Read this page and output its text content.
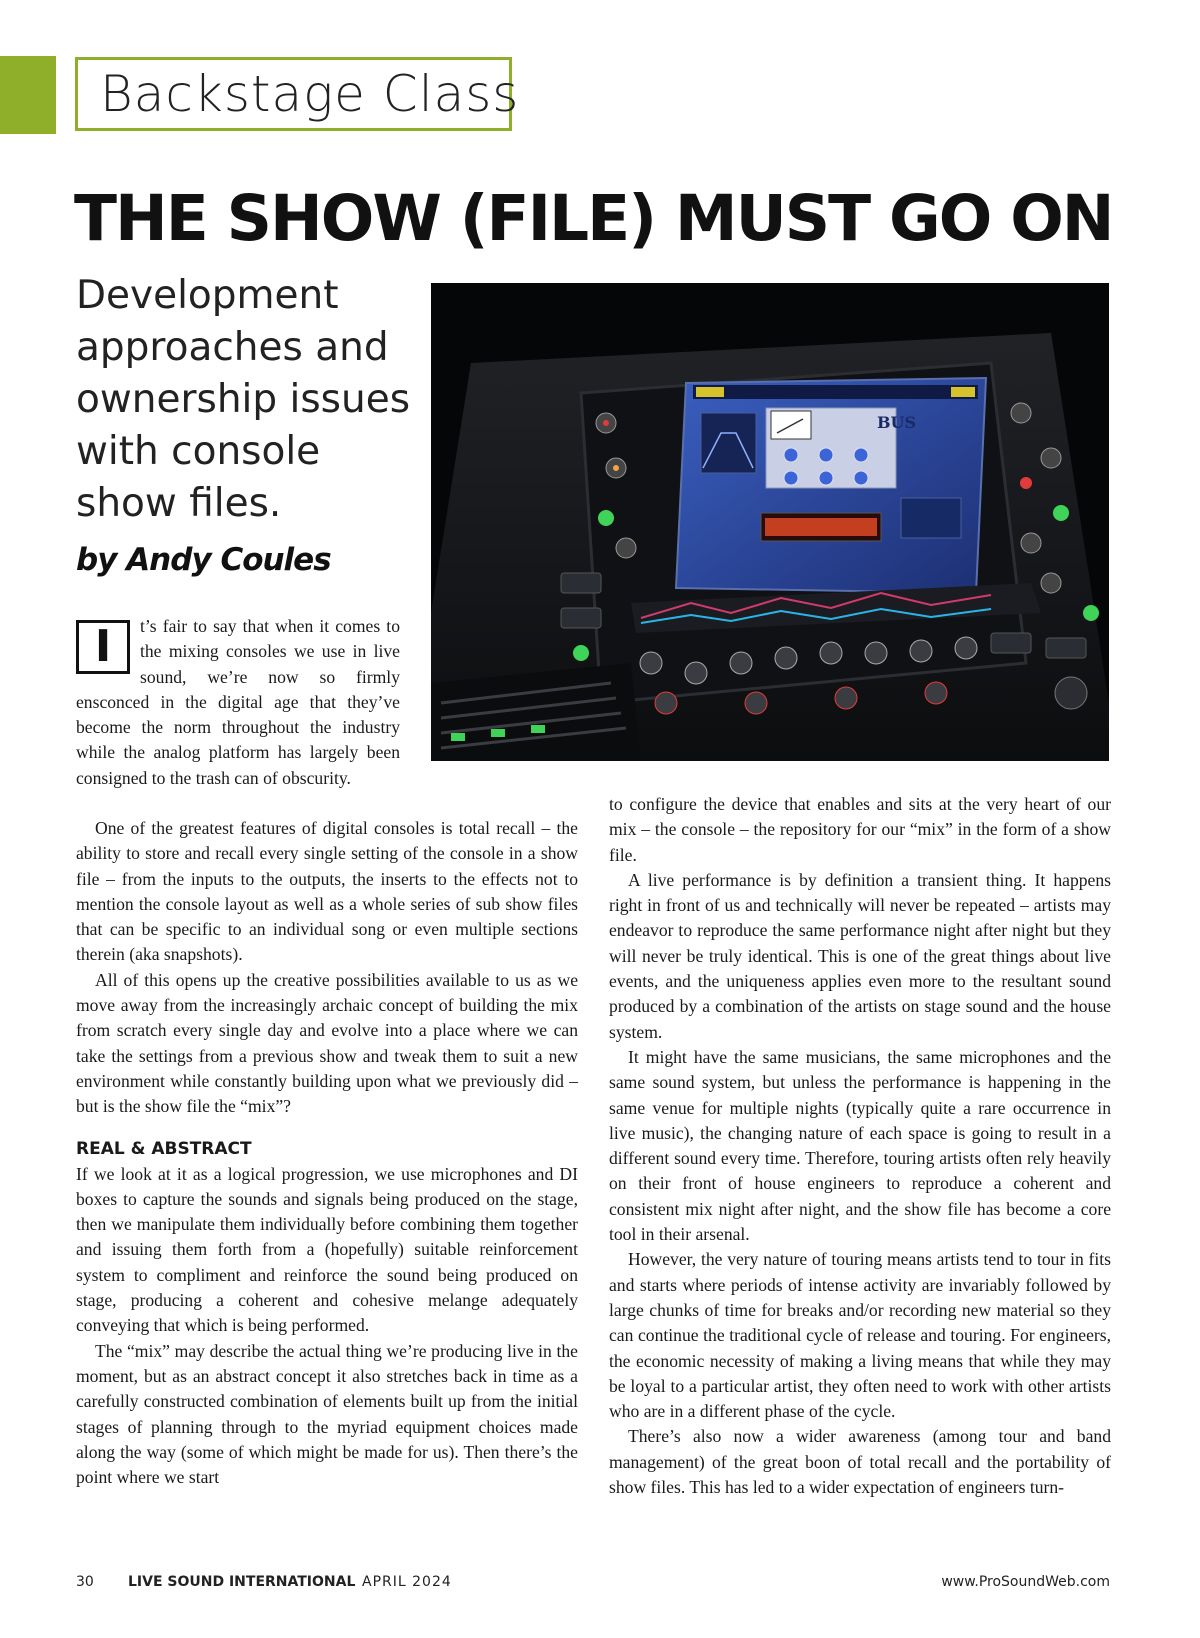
Backstage Class
THE SHOW (FILE) MUST GO ON
Development approaches and ownership issues with console show files.
by Andy Coules
BUS
I	t’s fair to say that when it comes to the mixing consoles we use in live sound, we’re now so firmly ensconced in the digital age that they’ve become the norm throughout the industry while the analog platform has largely been consigned to the trash can of obscurity.

One of the greatest features of digital consoles is total recall – the ability to store and recall every single setting of the console in a show file – from the inputs to the outputs, the inserts to the effects not to mention the console layout as well as a whole series of sub show files that can be specific to an individual song or even multiple sections therein (aka snapshots).

All of this opens up the creative possibilities available to us as we move away from the increasingly archaic concept of building the mix from scratch every single day and evolve into a place where we can take the settings from a previous show and tweak them to suit a new environment while constantly building upon what we previously did – but is the show file the “mix”?

REAL & ABSTRACT

If we look at it as a logical progression, we use microphones and DI boxes to capture the sounds and signals being produced on the stage, then we manipulate them individually before combining them together and issuing them forth from a (hopefully) suitable reinforcement system to compliment and reinforce the sound being produced on stage, producing a coherent and cohesive melange adequately conveying that which is being performed.

The “mix” may describe the actual thing we’re producing live in the moment, but as an abstract concept it also stretches back in time as a carefully constructed combination of elements built up from the initial stages of planning through to the myriad equipment choices made along the way (some of which might be made for us). Then there’s the point where we start

to configure the device that enables and sits at the very heart of our mix – the console – the repository for our “mix” in the form of a show file.

A live performance is by definition a transient thing. It happens right in front of us and technically will never be repeated – artists may endeavor to reproduce the same performance night after night but they will never be truly identical. This is one of the great things about live events, and the uniqueness applies even more to the resultant sound produced by a combination of the artists on stage sound and the house system.

It might have the same musicians, the same microphones and the same sound system, but unless the performance is happening in the same venue for multiple nights (typically quite a rare occurrence in live music), the changing nature of each space is going to result in a different sound every time. Therefore, touring artists often rely heavily on their front of house engineers to reproduce a coherent and consistent mix night after night, and the show file has become a core tool in their arsenal.

However, the very nature of touring means artists tend to tour in fits and starts where periods of intense activity are invariably followed by large chunks of time for breaks and/or recording new material so they can continue the traditional cycle of release and touring. For engineers, the economic necessity of making a living means that while they may be loyal to a particular artist, they often need to work with other artists who are in a different phase of the cycle.

There’s also now a wider awareness (among tour and band management) of the great boon of total recall and the portability of show files. This has led to a wider expectation of engineers turn-

30 LIVE SOUND INTERNATIONAL APRIL 2024	www.ProSoundWeb.com
